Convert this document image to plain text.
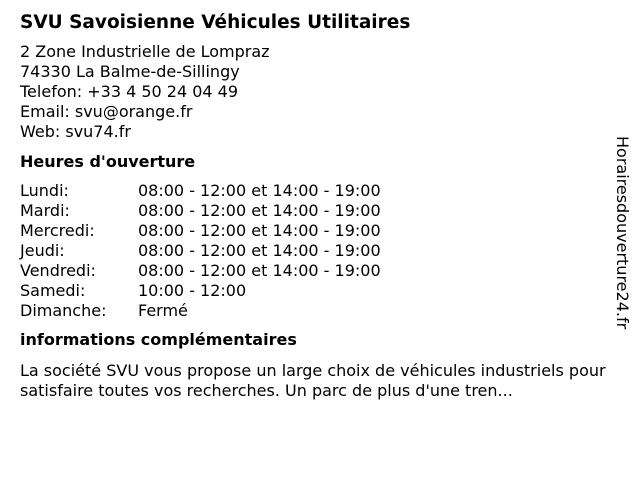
SVU Savoisienne Véhicules Utilitaires
2 Zone Industrielle de Lompraz
74330 La Balme-de-Sillingy
Telefon: +33 4 50 24 04 49
Email: svu@orange.fr
Web: svu74.fr
Heures d'ouverture
Lundi:	08:00 - 12:00 et 14:00 - 19:00
Mardi:	08:00 - 12:00 et 14:00 - 19:00
Mercredi:	08:00 - 12:00 et 14:00 - 19:00
Jeudi:	08:00 - 12:00 et 14:00 - 19:00
Vendredi:	08:00 - 12:00 et 14:00 - 19:00
Samedi:	10:00 - 12:00
Dimanche:	Fermé
informations complémentaires
La société SVU vous propose un large choix de véhicules industriels pour satisfaire toutes vos recherches. Un parc de plus d'une tren...
Horairesdouverture24.fr
